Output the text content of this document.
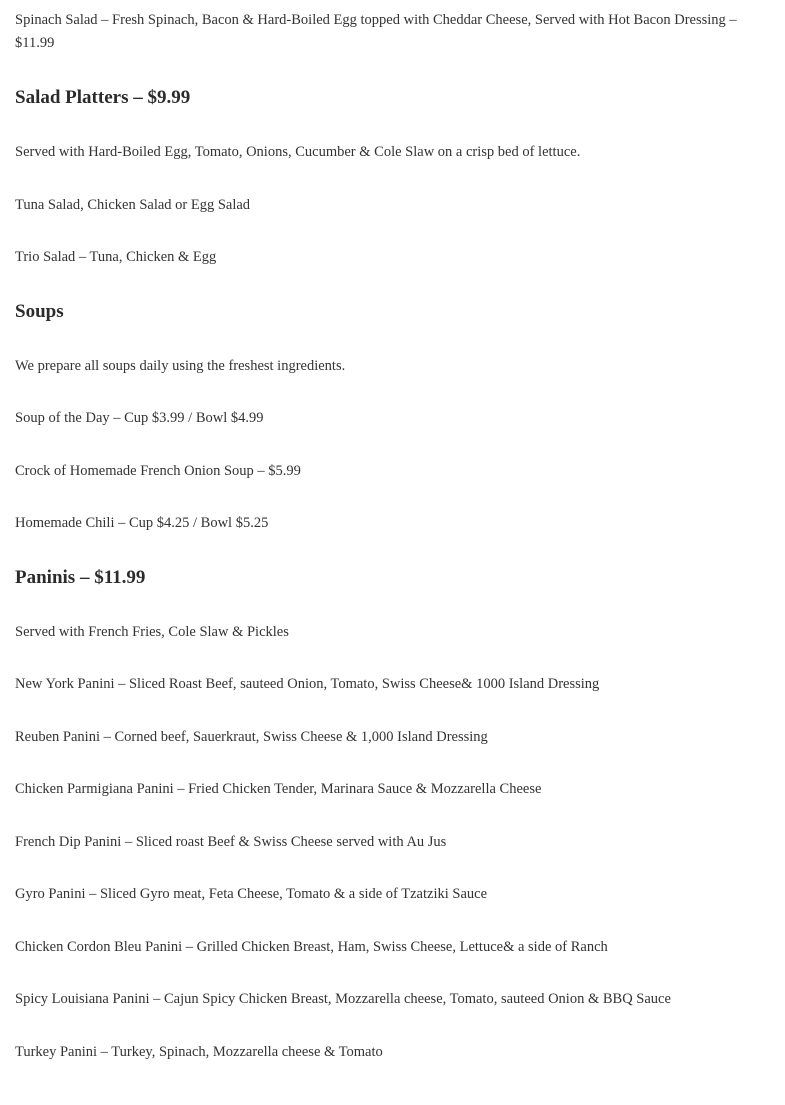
Spinach Salad – Fresh Spinach, Bacon & Hard-Boiled Egg topped with Cheddar Cheese, Served with Hot Bacon Dressing – $11.99

Salad Platters – $9.99

Served with Hard-Boiled Egg, Tomato, Onions, Cucumber & Cole Slaw on a crisp bed of lettuce.

Tuna Salad, Chicken Salad or Egg Salad

Trio Salad – Tuna, Chicken & Egg

Soups

We prepare all soups daily using the freshest ingredients.

Soup of the Day – Cup $3.99 / Bowl $4.99

Crock of Homemade French Onion Soup – $5.99

Homemade Chili – Cup $4.25 / Bowl $5.25

Paninis – $11.99

Served with French Fries, Cole Slaw & Pickles

New York Panini – Sliced Roast Beef, sauteed Onion, Tomato, Swiss Cheese& 1000 Island Dressing

Reuben Panini – Corned beef, Sauerkraut, Swiss Cheese & 1,000 Island Dressing

Chicken Parmigiana Panini – Fried Chicken Tender, Marinara Sauce & Mozzarella Cheese

French Dip Panini – Sliced roast Beef & Swiss Cheese served with Au Jus

Gyro Panini – Sliced Gyro meat, Feta Cheese, Tomato & a side of Tzatziki Sauce

Chicken Cordon Bleu Panini – Grilled Chicken Breast, Ham, Swiss Cheese, Lettuce& a side of Ranch

Spicy Louisiana Panini – Cajun Spicy Chicken Breast, Mozzarella cheese, Tomato, sauteed Onion & BBQ Sauce

Turkey Panini – Turkey, Spinach, Mozzarella cheese & Tomato
